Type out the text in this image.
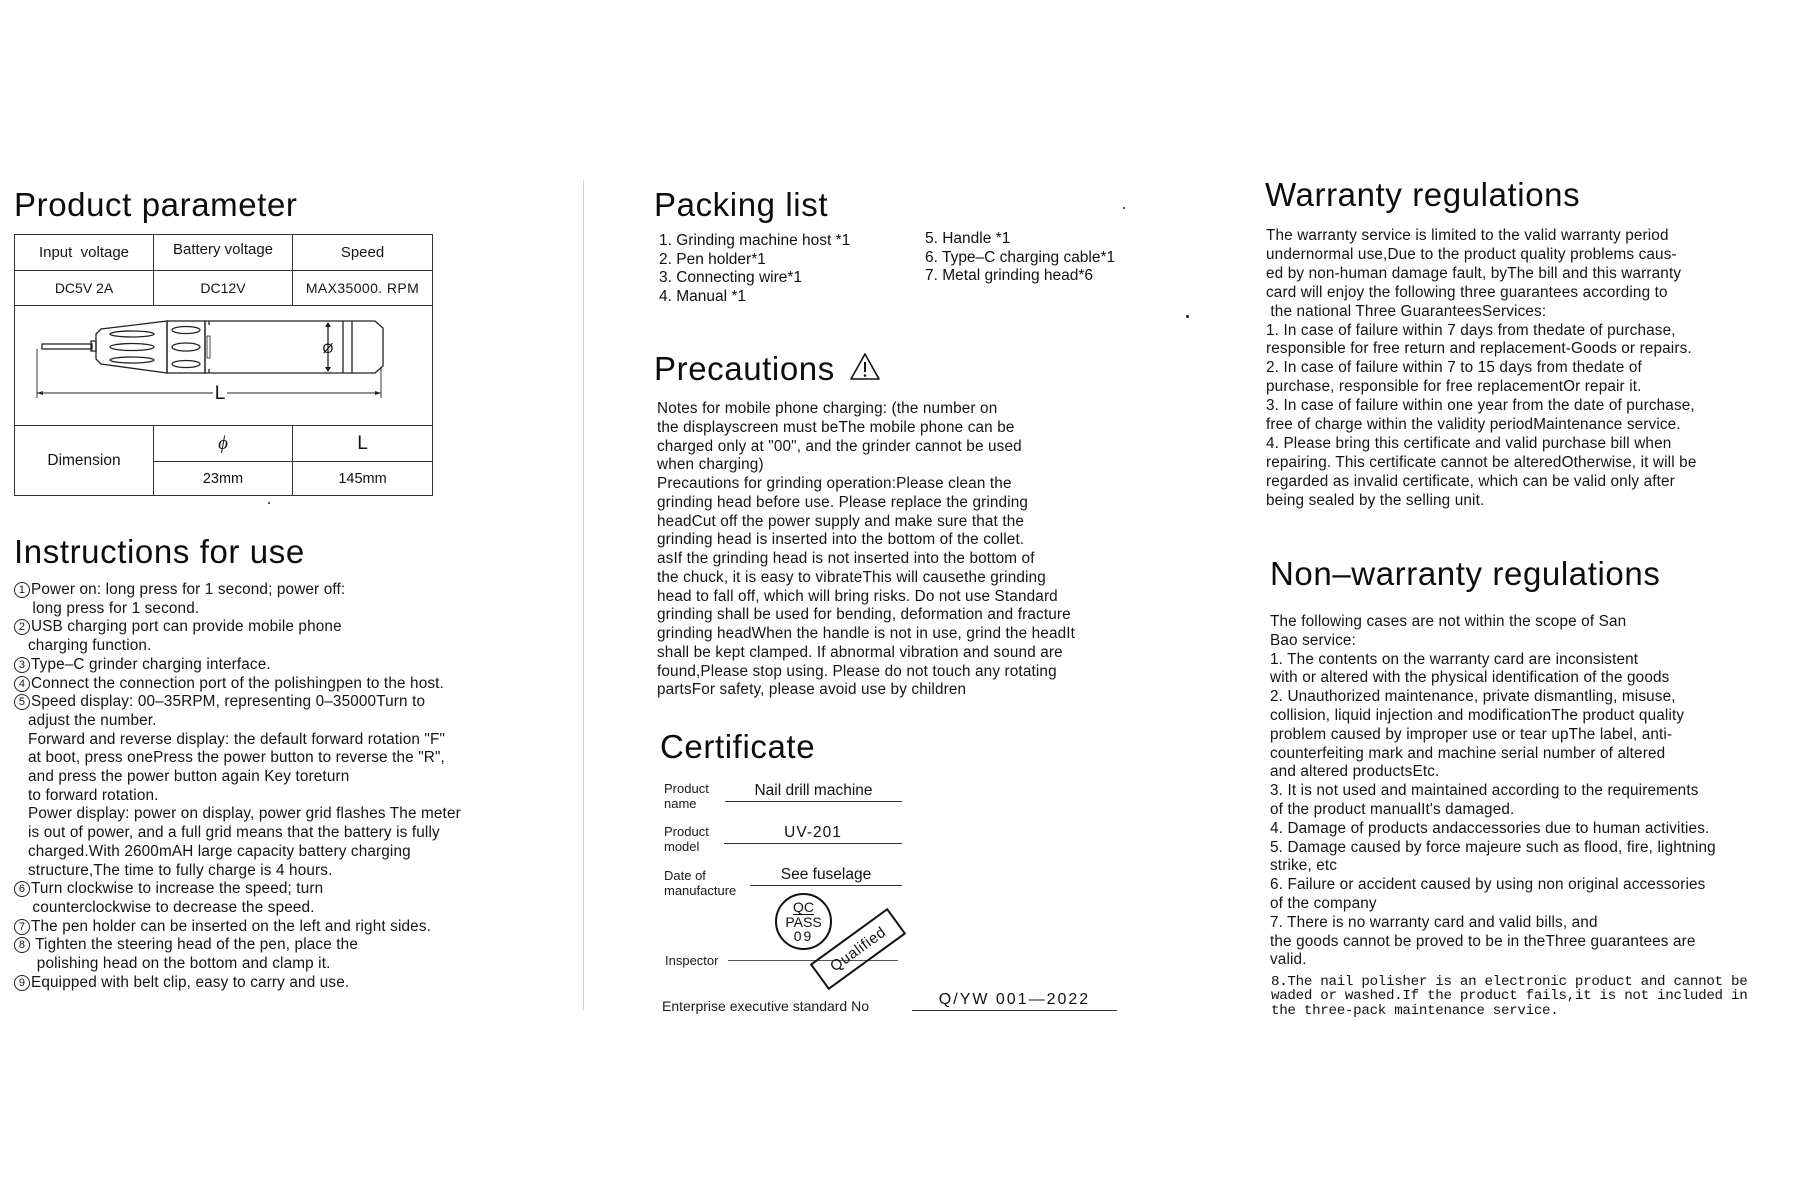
Product parameter
Input  voltage	Battery voltage	Speed
DC5V 2A	DC12V	MAX35000. RPM
Ø
L
Dimension
ϕ	L
23mm	145mm
Instructions for use
1 Power on: long press for 1 second; power off:
long press for 1 second.
2 USB charging port can provide mobile phone
charging function.
3 Type–C grinder charging interface.
4 Connect the connection port of the polishingpen to the host.
5 Speed display: 00–35RPM, representing 0–35000Turn to
adjust the number.
Forward and reverse display: the default forward rotation "F"
at boot, press onePress the power button to reverse the "R",
and press the power button again Key toreturn
to forward rotation.
Power display: power on display, power grid flashes The meter
is out of power, and a full grid means that the battery is fully
charged.With 2600mAH large capacity battery charging
structure,The time to fully charge is 4 hours.
6 Turn clockwise to increase the speed; turn
counterclockwise to decrease the speed.
7 The pen holder can be inserted on the left and right sides.
8 Tighten the steering head of the pen, place the
polishing head on the bottom and clamp it.
9 Equipped with belt clip, easy to carry and use.
Packing list
1. Grinding machine host *1
2. Pen holder*1
3. Connecting wire*1
4. Manual *1
5. Handle *1
6. Type–C charging cable*1
7. Metal grinding head*6
Precautions
Notes for mobile phone charging: (the number on
the displayscreen must beThe mobile phone can be
charged only at "00", and the grinder cannot be used
when charging)
Precautions for grinding operation:Please clean the
grinding head before use. Please replace the grinding
headCut off the power supply and make sure that the
grinding head is inserted into the bottom of the collet.
asIf the grinding head is not inserted into the bottom of
the chuck, it is easy to vibrateThis will causethe grinding
head to fall off, which will bring risks. Do not use Standard
grinding shall be used for bending, deformation and fracture
grinding headWhen the handle is not in use, grind the headIt
shall be kept clamped. If abnormal vibration and sound are
found,Please stop using. Please do not touch any rotating
partsFor safety, please avoid use by children
Certificate
Product
name
Nail drill machine
Product
model
UV-201
Date of
manufacture
See fuselage
Inspector
QC
PASS
09 Qualified
Enterprise executive standard No	Q/YW 001—2022
Warranty regulations
The warranty service is limited to the valid warranty period
undernormal use,Due to the product quality problems caus-
ed by non-human damage fault, byThe bill and this warranty
card will enjoy the following three guarantees according to
the national Three GuaranteesServices:
1. In case of failure within 7 days from thedate of purchase,
responsible for free return and replacement-Goods or repairs.
2. In case of failure within 7 to 15 days from thedate of
purchase, responsible for free replacementOr repair it.
3. In case of failure within one year from the date of purchase,
free of charge within the validity periodMaintenance service.
4. Please bring this certificate and valid purchase bill when
repairing. This certificate cannot be alteredOtherwise, it will be
regarded as invalid certificate, which can be valid only after
being sealed by the selling unit.
Non–warranty regulations
The following cases are not within the scope of San
Bao service:
1. The contents on the warranty card are inconsistent
with or altered with the physical identification of the goods
2. Unauthorized maintenance, private dismantling, misuse,
collision, liquid injection and modificationThe product quality
problem caused by improper use or tear upThe label, anti-
counterfeiting mark and machine serial number of altered
and altered productsEtc.
3. It is not used and maintained according to the requirements
of the product manualIt's damaged.
4. Damage of products andaccessories due to human activities.
5. Damage caused by force majeure such as flood, fire, lightning
strike, etc
6. Failure or accident caused by using non original accessories
of the company
7. There is no warranty card and valid bills, and
the goods cannot be proved to be in theThree guarantees are
valid.
8.The nail polisher is an electronic product and cannot be
waded or washed.If the product fails,it is not included in
the three-pack maintenance service.
